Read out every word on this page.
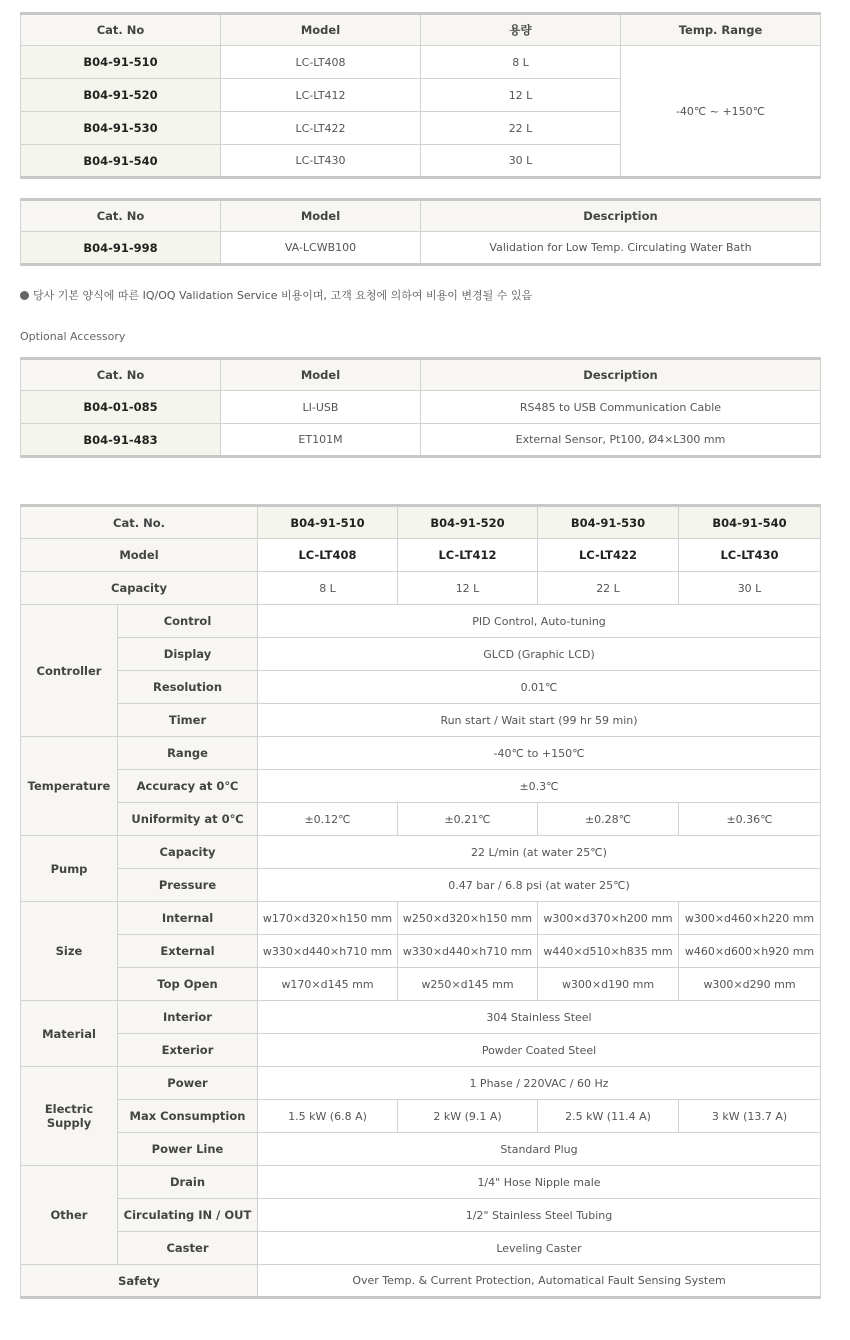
Cat. No	Model	용량	Temp. Range
B04-91-510	LC-LT408	8 L	-40℃ ~ +150℃
B04-91-520	LC-LT412	12 L	
B04-91-530	LC-LT422	22 L	
B04-91-540	LC-LT430	30 L	
Cat. No	Model	Description
B04-91-998	VA-LCWB100	Validation for Low Temp. Circulating Water Bath
당사 기본 양식에 따른 IQ/OQ Validation Service 비용이며, 고객 요청에 의하여 비용이 변경될 수 있음
Optional Accessory
Cat. No	Model	Description
B04-01-085	LI-USB	RS485 to USB Communication Cable
B04-91-483	ET101M	External Sensor, Pt100, Ø4×L300 mm
Cat. No.		B04-91-510	B04-91-520	B04-91-530	B04-91-540
Model		LC-LT408	LC-LT412	LC-LT422	LC-LT430
Capacity		8 L	12 L	22 L	30 L
Controller	Control	PID Control, Auto-tuning			
	Display	GLCD (Graphic LCD)			
	Resolution	0.01℃			
	Timer	Run start / Wait start (99 hr 59 min)			
Temperature	Range	-40℃ to +150℃			
	Accuracy at 0℃	±0.3℃			
	Uniformity at 0℃	±0.12℃	±0.21℃	±0.28℃	±0.36℃
Pump	Capacity	22 L/min (at water 25℃)			
	Pressure	0.47 bar / 6.8 psi (at water 25℃)			
Size	Internal	w170×d320×h150 mm	w250×d320×h150 mm	w300×d370×h200 mm	w300×d460×h220 mm
	External	w330×d440×h710 mm	w330×d440×h710 mm	w440×d510×h835 mm	w460×d600×h920 mm
	Top Open	w170×d145 mm	w250×d145 mm	w300×d190 mm	w300×d290 mm
Material	Interior	304 Stainless Steel			
	Exterior	Powder Coated Steel			
Electric
Supply	Power	1 Phase / 220VAC / 60 Hz			
	Max Consumption	1.5 kW (6.8 A)	2 kW (9.1 A)	2.5 kW (11.4 A)	3 kW (13.7 A)
	Power Line	Standard Plug			
Other	Drain	1/4" Hose Nipple male			
	Circulating IN / OUT	1/2" Stainless Steel Tubing			
	Caster	Leveling Caster			
Safety		Over Temp. & Current Protection, Automatical Fault Sensing System			
